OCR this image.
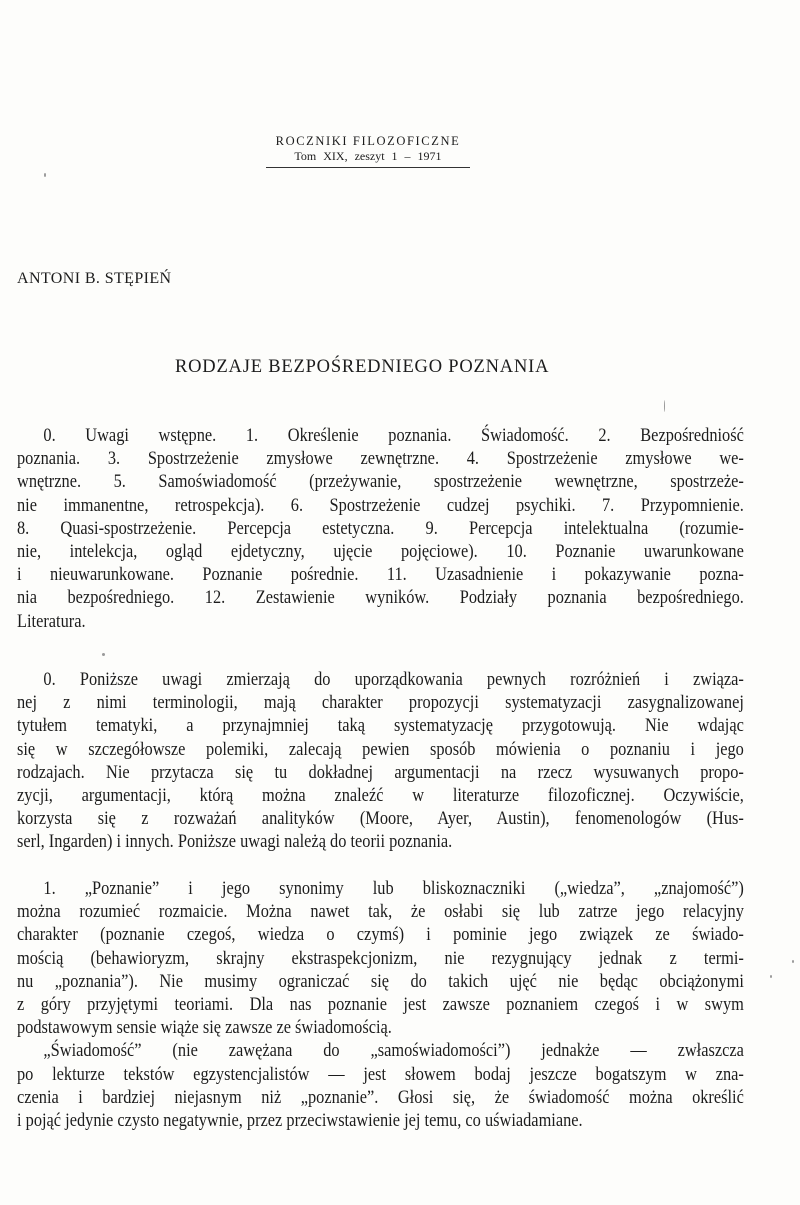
ROCZNIKI FILOZOFICZNE
Tom XIX, zeszyt 1 – 1971
ANTONI B. STĘPIEŃ
RODZAJE BEZPOŚREDNIEGO POZNANIA
0. Uwagi wstępne. 1. Określenie poznania. Świadomość. 2. Bezpośredniość
poznania. 3. Spostrzeżenie zmysłowe zewnętrzne. 4. Spostrzeżenie zmysłowe we-
wnętrzne. 5. Samoświadomość (przeżywanie, spostrzeżenie wewnętrzne, spostrzeże-
nie immanentne, retrospekcja). 6. Spostrzeżenie cudzej psychiki. 7. Przypomnienie.
8. Quasi-spostrzeżenie. Percepcja estetyczna. 9. Percepcja intelektualna (rozumie-
nie, intelekcja, ogląd ejdetyczny, ujęcie pojęciowe). 10. Poznanie uwarunkowane
i nieuwarunkowane. Poznanie pośrednie. 11. Uzasadnienie i pokazywanie pozna-
nia bezpośredniego. 12. Zestawienie wyników. Podziały poznania bezpośredniego.
Literatura.
0. Poniższe uwagi zmierzają do uporządkowania pewnych rozróżnień i związa-
nej z nimi terminologii, mają charakter propozycji systematyzacji zasygnalizowanej
tytułem tematyki, a przynajmniej taką systematyzację przygotowują. Nie wdając
się w szczegółowsze polemiki, zalecają pewien sposób mówienia o poznaniu i jego
rodzajach. Nie przytacza się tu dokładnej argumentacji na rzecz wysuwanych propo-
zycji, argumentacji, którą można znaleźć w literaturze filozoficznej. Oczywiście,
korzysta się z rozważań analityków (Moore, Ayer, Austin), fenomenologów (Hus-
serl, Ingarden) i innych. Poniższe uwagi należą do teorii poznania.
1. „Poznanie” i jego synonimy lub bliskoznaczniki („wiedza”, „znajomość”)
można rozumieć rozmaicie. Można nawet tak, że osłabi się lub zatrze jego relacyjny
charakter (poznanie czegoś, wiedza o czymś) i pominie jego związek ze świado-
mością (behawioryzm, skrajny ekstraspekcjonizm, nie rezygnujący jednak z termi-
nu „poznania”). Nie musimy ograniczać się do takich ujęć nie będąc obciążonymi
z góry przyjętymi teoriami. Dla nas poznanie jest zawsze poznaniem czegoś i w swym
podstawowym sensie wiąże się zawsze ze świadomością.
„Świadomość” (nie zawężana do „samoświadomości”) jednakże — zwłaszcza
po lekturze tekstów egzystencjalistów — jest słowem bodaj jeszcze bogatszym w zna-
czenia i bardziej niejasnym niż „poznanie”. Głosi się, że świadomość można określić
i pojąć jedynie czysto negatywnie, przez przeciwstawienie jej temu, co uświadamiane.
